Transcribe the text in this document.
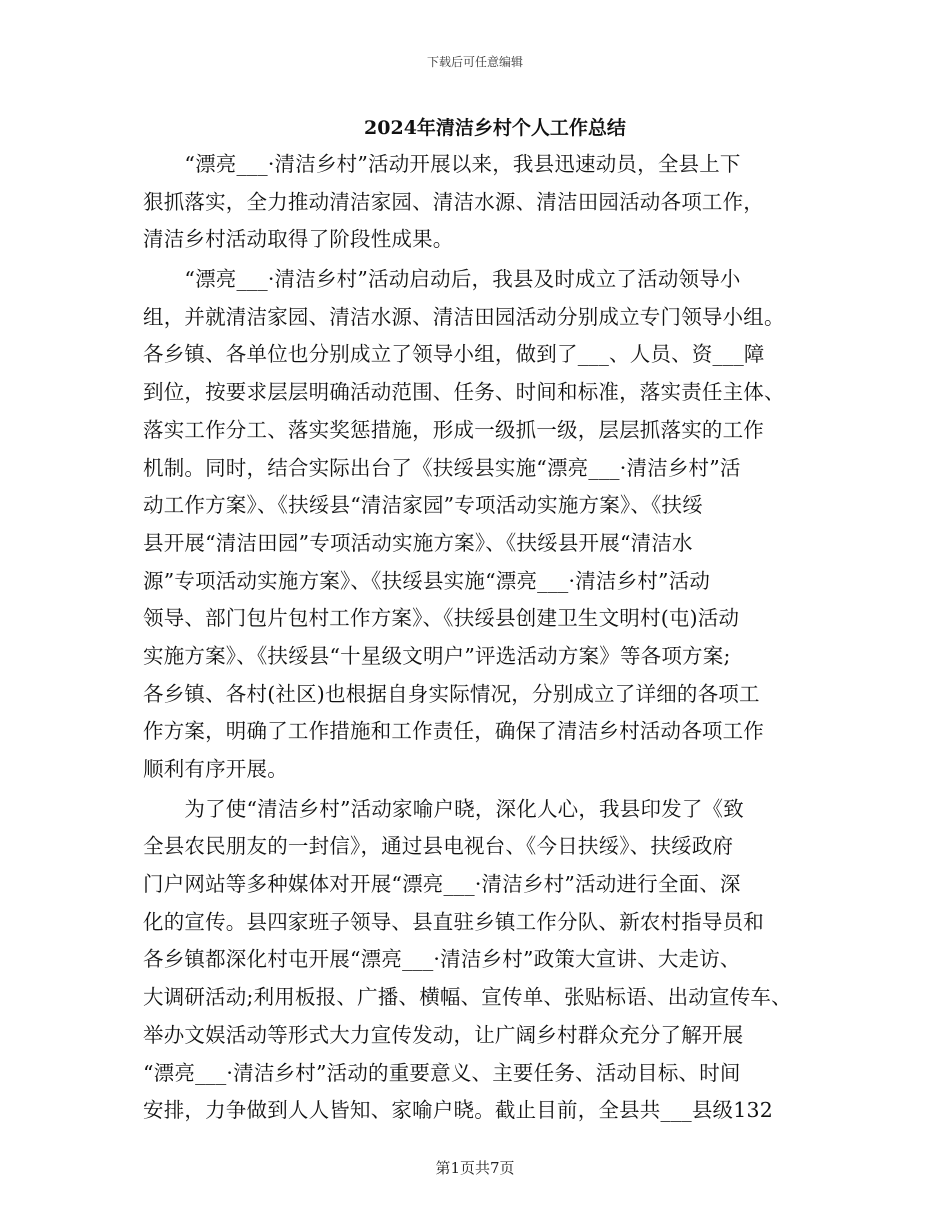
下载后可任意编辑
2024年清洁乡村个人工作总结
　　“漂亮___·清洁乡村”活动开展以来，我县迅速动员，全县上下
狠抓落实，全力推动清洁家园、清洁水源、清洁田园活动各项工作，
清洁乡村活动取得了阶段性成果。
　　“漂亮___·清洁乡村”活动启动后，我县及时成立了活动领导小
组，并就清洁家园、清洁水源、清洁田园活动分别成立专门领导小组。
各乡镇、各单位也分别成立了领导小组，做到了___、人员、资___障
到位，按要求层层明确活动范围、任务、时间和标准，落实责任主体、
落实工作分工、落实奖惩措施，形成一级抓一级，层层抓落实的工作
机制。同时，结合实际出台了《扶绥县实施“漂亮___·清洁乡村”活
动工作方案》、《扶绥县“清洁家园”专项活动实施方案》、《扶绥
县开展“清洁田园”专项活动实施方案》、《扶绥县开展“清洁水
源”专项活动实施方案》、《扶绥县实施“漂亮___·清洁乡村”活动
领导、部门包片包村工作方案》、《扶绥县创建卫生文明村(屯)活动
实施方案》、《扶绥县“十星级文明户”评选活动方案》等各项方案;
各乡镇、各村(社区)也根据自身实际情况，分别成立了详细的各项工
作方案，明确了工作措施和工作责任，确保了清洁乡村活动各项工作
顺利有序开展。
　　为了使“清洁乡村”活动家喻户晓，深化人心，我县印发了《致
全县农民朋友的一封信》，通过县电视台、《今日扶绥》、扶绥政府
门户网站等多种媒体对开展“漂亮___·清洁乡村”活动进行全面、深
化的宣传。县四家班子领导、县直驻乡镇工作分队、新农村指导员和
各乡镇都深化村屯开展“漂亮___·清洁乡村”政策大宣讲、大走访、
大调研活动;利用板报、广播、横幅、宣传单、张贴标语、出动宣传车、
举办文娱活动等形式大力宣传发动，让广阔乡村群众充分了解开展
“漂亮___·清洁乡村”活动的重要意义、主要任务、活动目标、时间
安排，力争做到人人皆知、家喻户晓。截止目前，全县共___县级132
第1页共7页
